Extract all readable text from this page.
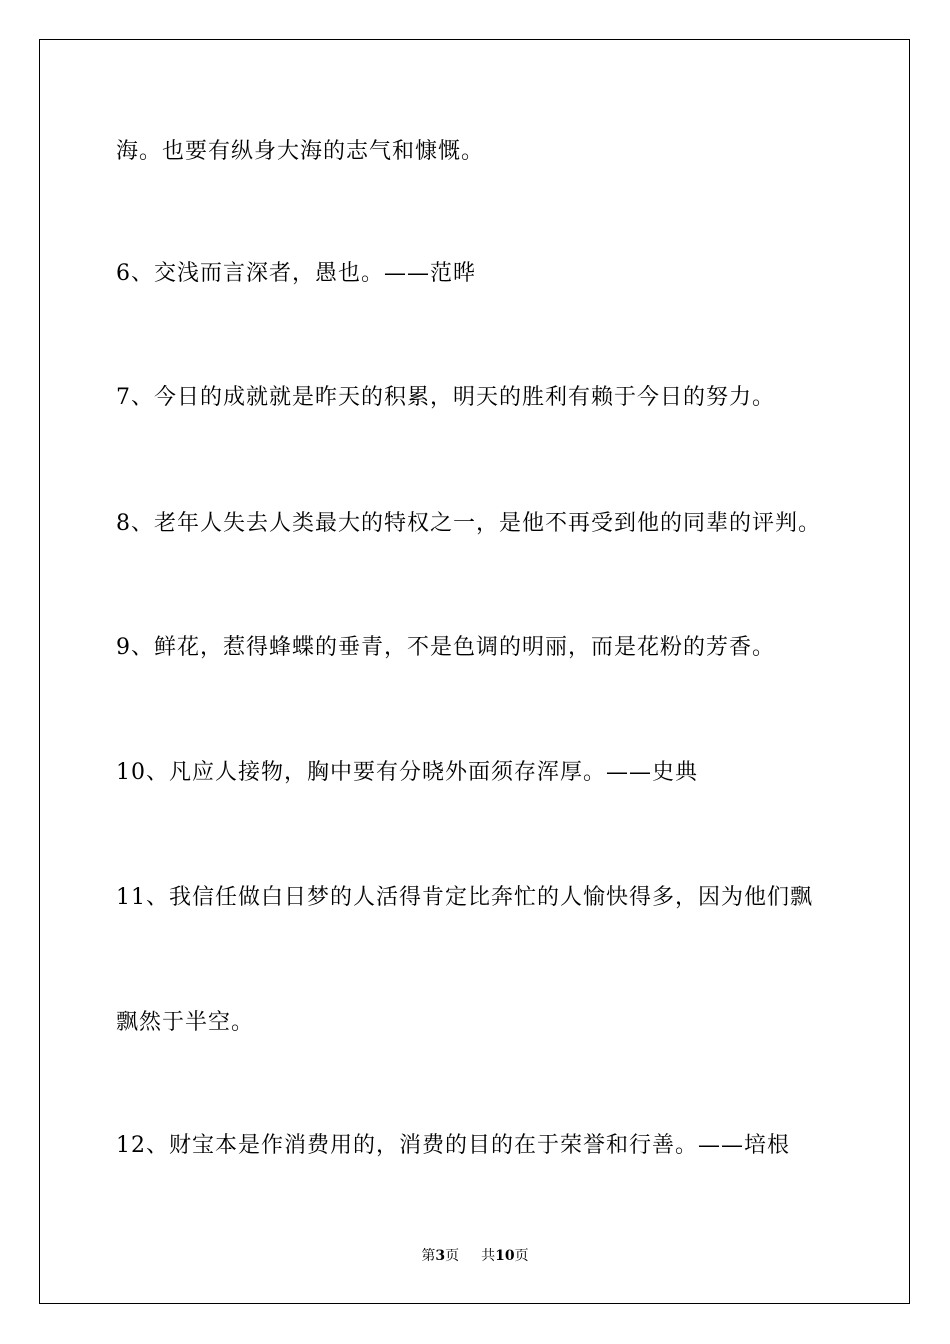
海。也要有纵身大海的志气和慷慨。
6、交浅而言深者，愚也。——范晔
7、今日的成就就是昨天的积累，明天的胜利有赖于今日的努力。
8、老年人失去人类最大的特权之一，是他不再受到他的同辈的评判。
9、鲜花，惹得蜂蝶的垂青，不是色调的明丽，而是花粉的芳香。
10、凡应人接物，胸中要有分晓外面须存浑厚。——史典
11、我信任做白日梦的人活得肯定比奔忙的人愉快得多，因为他们飘
飘然于半空。
12、财宝本是作消费用的，消费的目的在于荣誉和行善。——培根
第3页 共10页
